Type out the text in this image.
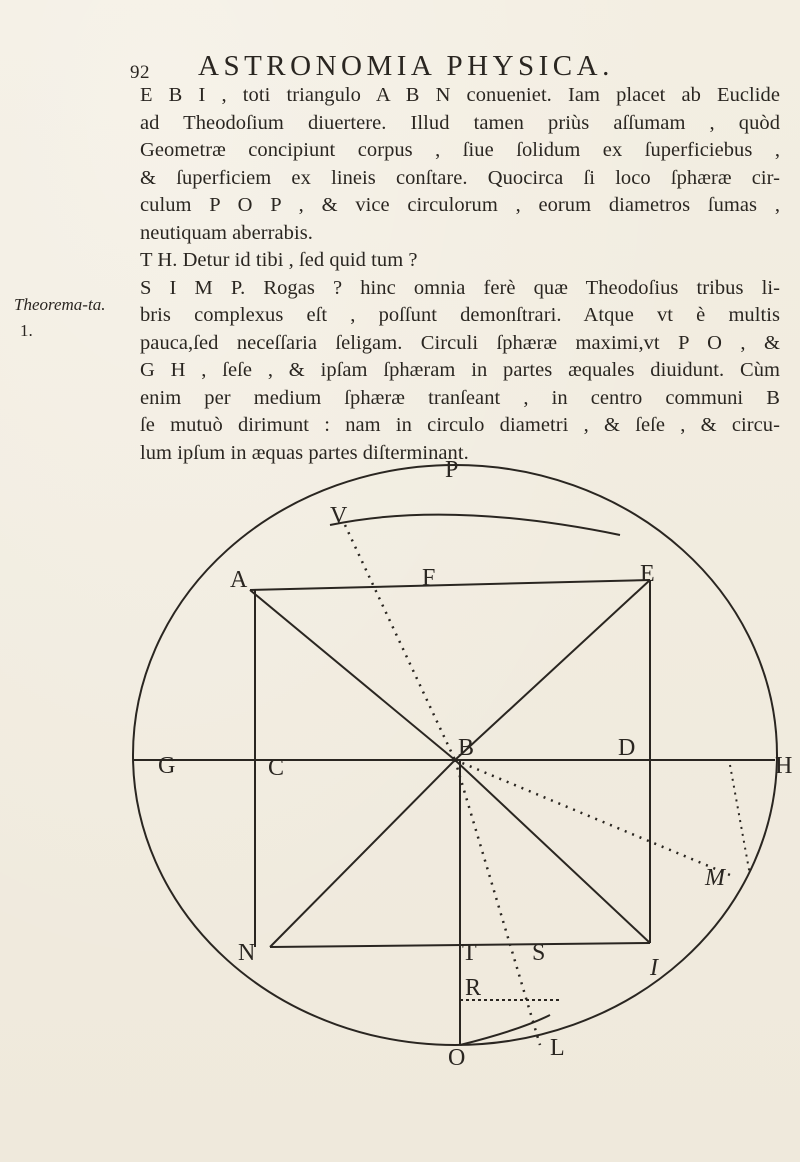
92 ASTRONOMIA PHYSICA.
Theorema-ta.
1.
E B I , toti triangulo A B N conueniet. Iam placet ab Euclide
ad Theodoſium diuertere. Illud tamen priùs aſſumam , quòd
Geometræ concipiunt corpus , ſiue ſolidum ex ſuperficiebus ,
& ſuperficiem ex lineis conſtare. Quocirca ſi loco ſphæræ cir-
culum P O P , & vice circulorum , eorum diametros ſumas ,
neutiquam aberrabis.
T H. Detur id tibi , ſed quid tum ?
S I M P. Rogas ? hinc omnia ferè quæ Theodoſius tribus li-
bris complexus eſt , poſſunt demonſtrari. Atque vt è multis
pauca,ſed neceſſaria ſeligam. Circuli ſphæræ maximi,vt P O , &
G H , ſeſe , & ipſam ſphæram in partes æquales diuidunt. Cùm
enim per medium ſphæræ tranſeant , in centro communi B
ſe mutuò dirimunt : nam in circulo diametri , & ſeſe , & circu-
lum ipſum in æquas partes diſterminant.
P
V
F
A	E
B	D
C
G	H
M
T S
N
I
R
O	L
